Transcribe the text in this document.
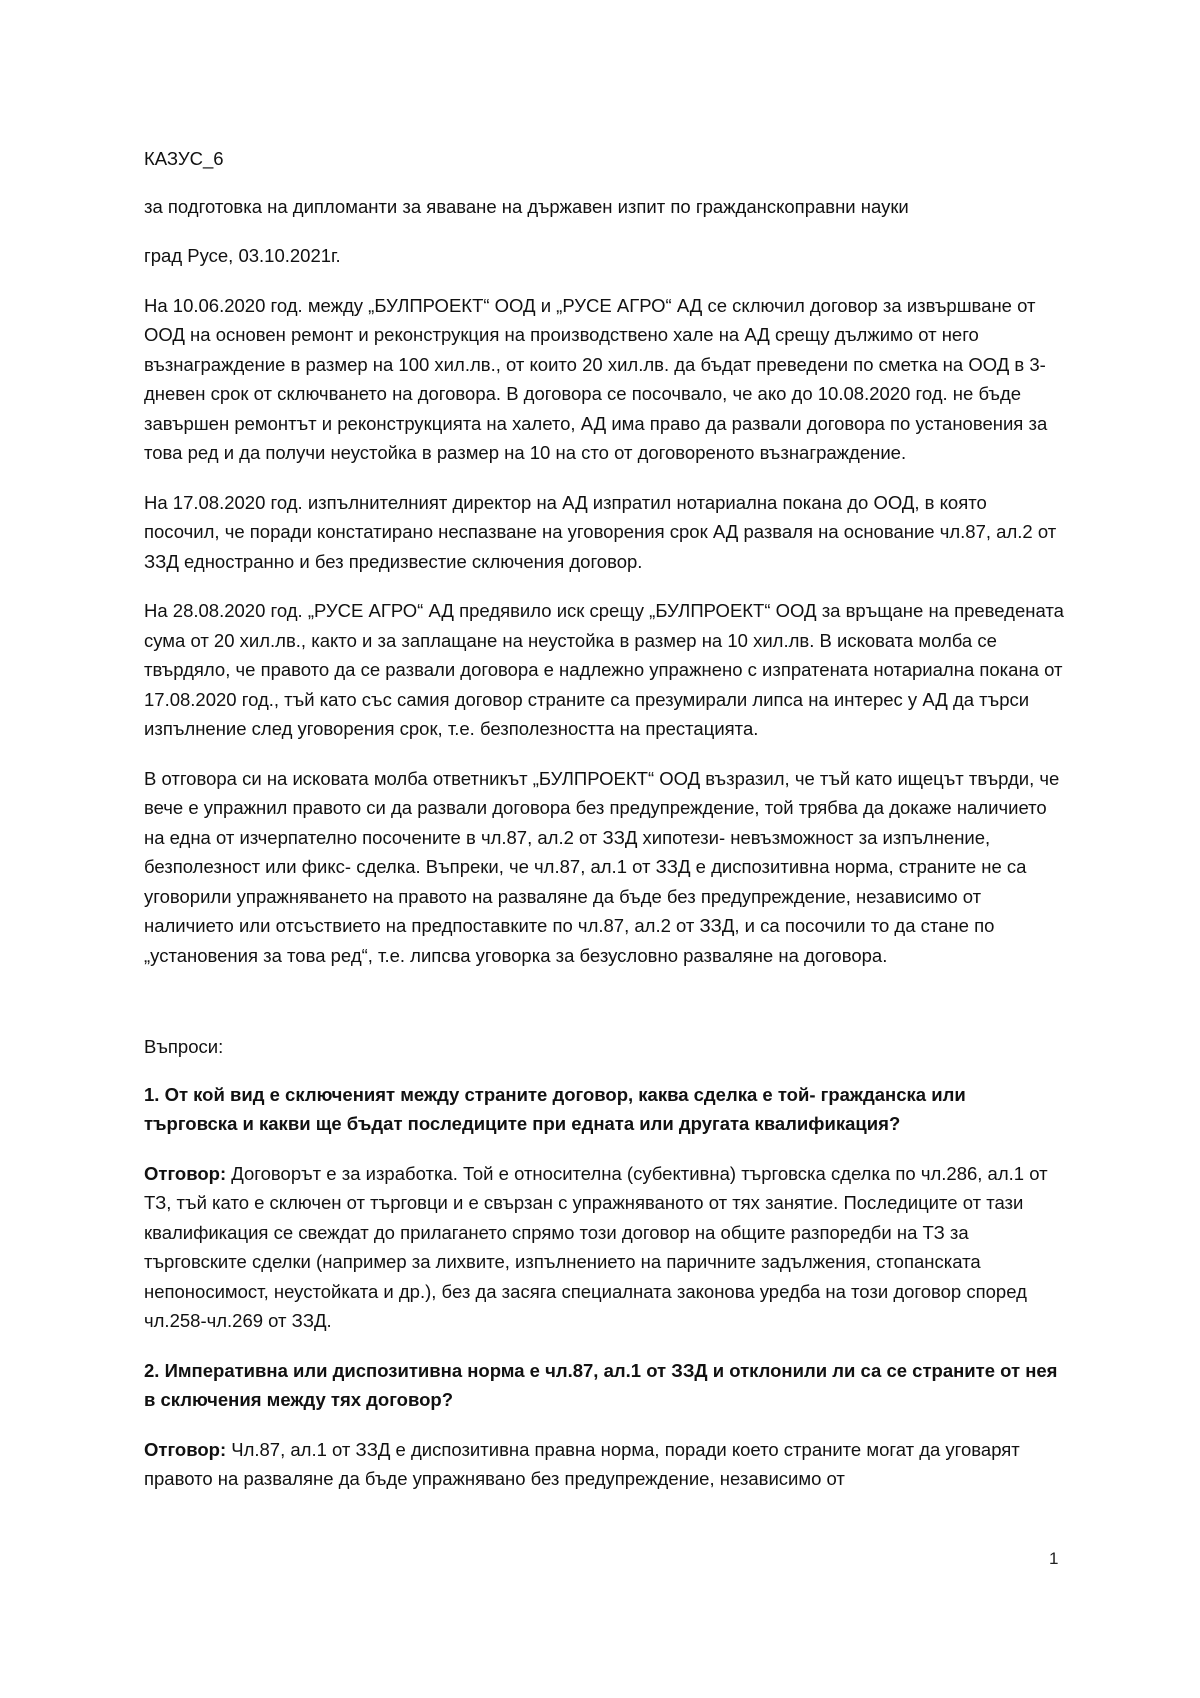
КАЗУС_6

за подготовка на дипломанти за яваване на държавен изпит по гражданскоправни науки

град Русе, 03.10.2021г.

На 10.06.2020 год. между „БУЛПРОЕКТ“ ООД и „РУСЕ АГРО“ АД се сключил договор за извършване от ООД на основен ремонт и реконструкция на производствено хале на АД срещу дължимо от него възнаграждение в размер на 100 хил.лв., от които 20 хил.лв. да бъдат преведени по сметка на ООД в 3-дневен срок от сключването на договора. В договора се посочвало, че ако до 10.08.2020 год. не бъде завършен ремонтът и реконструкцията на халето, АД има право да развали договора по установения за това ред и да получи неустойка в размер на 10 на сто от договореното възнаграждение.

На 17.08.2020 год. изпълнителният директор на АД изпратил нотариална покана до ООД, в която посочил, че поради констатирано неспазване на уговорения срок АД разваля на основание чл.87, ал.2 от ЗЗД едностранно и без предизвестие сключения договор.

На 28.08.2020 год. „РУСЕ АГРО“ АД предявило иск срещу „БУЛПРОЕКТ“ ООД за връщане на преведената сума от 20 хил.лв., както и за заплащане на неустойка в размер на 10 хил.лв. В исковата молба се твърдяло, че правото да се развали договора е надлежно упражнено с изпратената нотариална покана от 17.08.2020 год., тъй като със самия договор страните са презумирали липса на интерес у АД да търси изпълнение след уговорения срок, т.е. безполезността на престацията.

В отговора си на исковата молба ответникът „БУЛПРОЕКТ“ ООД възразил, че тъй като ищецът твърди, че вече е упражнил правото си да развали договора без предупреждение, той трябва да докаже наличието на една от изчерпателно посочените в чл.87, ал.2 от ЗЗД хипотези- невъзможност за изпълнение, безполезност или фикс- сделка. Въпреки, че чл.87, ал.1 от ЗЗД е диспозитивна норма, страните не са уговорили упражняването на правото на разваляне да бъде без предупреждение, независимо от наличието или отсъствието на предпоставките по чл.87, ал.2 от ЗЗД, и са посочили то да стане по „установения за това ред“, т.е. липсва уговорка за безусловно разваляне на договора.

Въпроси:

1. От кой вид е сключеният между страните договор, каква сделка е той- гражданска или търговска и какви ще бъдат последиците при едната или другата квалификация?

Отговор: Договорът е за изработка. Той е относителна (субективна) търговска сделка по чл.286, ал.1 от ТЗ, тъй като е сключен от търговци и е свързан с упражняваното от тях занятие. Последиците от тази квалификация се свеждат до прилагането спрямо този договор на общите разпоредби на ТЗ за търговските сделки (например за лихвите, изпълнението на паричните задължения, стопанската непоносимост, неустойката и др.), без да засяга специалната законова уредба на този договор според чл.258-чл.269 от ЗЗД.

2. Императивна или диспозитивна норма е чл.87, ал.1 от ЗЗД и отклонили ли са се страните от нея в сключения между тях договор?

Отговор: Чл.87, ал.1 от ЗЗД е диспозитивна правна норма, поради което страните могат да уговарят правото на разваляне да бъде упражнявано без предупреждение, независимо от

1
